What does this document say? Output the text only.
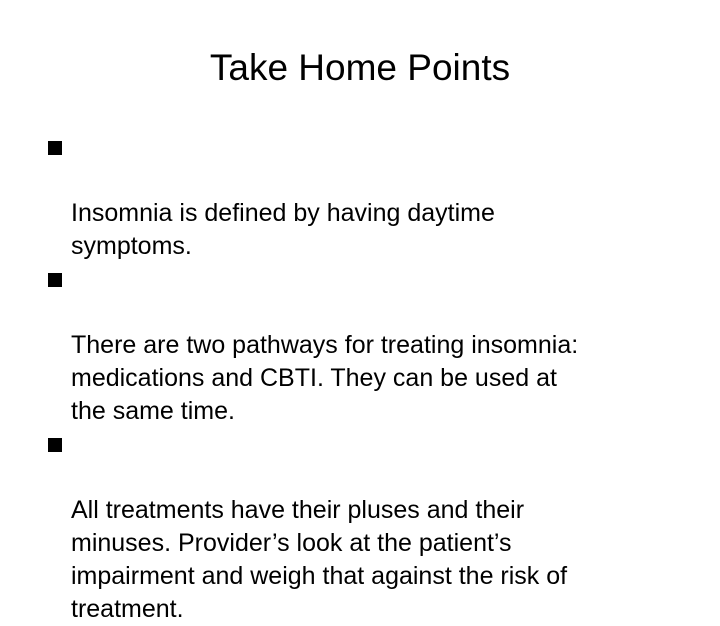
Take Home Points

Insomnia is defined by having daytime
symptoms.

There are two pathways for treating insomnia:
medications and CBTI. They can be used at
the same time.

All treatments have their pluses and their
minuses. Provider’s look at the patient’s
impairment and weigh that against the risk of
treatment.
